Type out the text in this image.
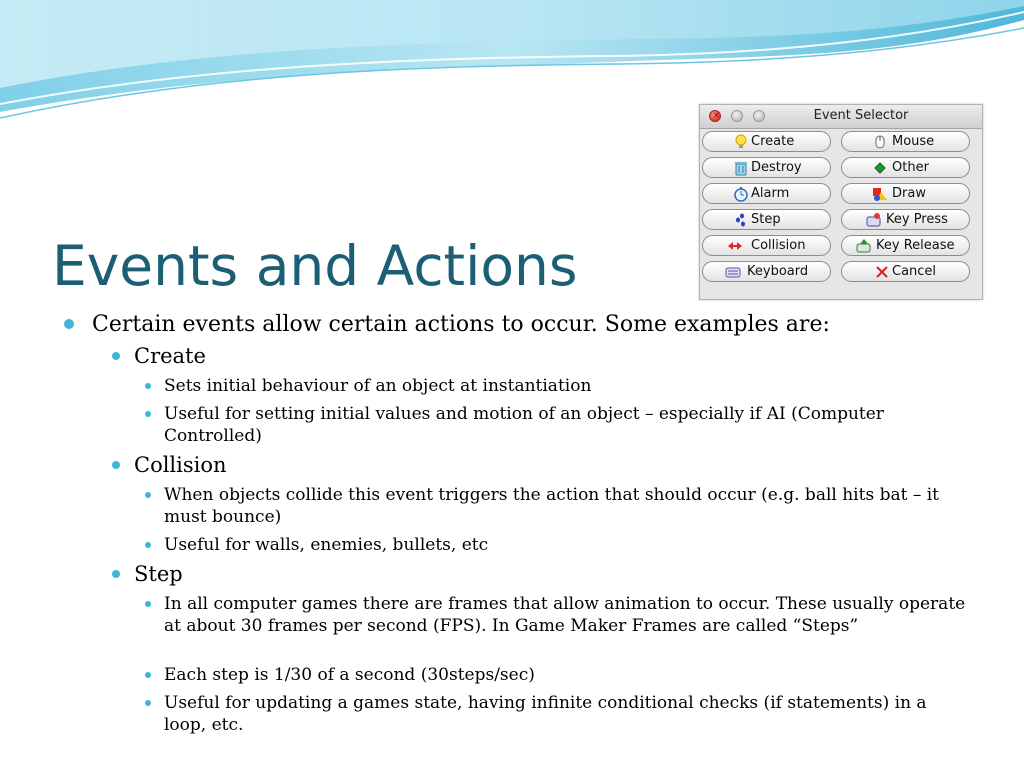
Events and Actions
✕	Event Selector
Create	Mouse
Destroy	Other
Alarm	Draw
Step	Key Press
Collision	Key Release
Keyboard	Cancel
Certain events allow certain actions to occur. Some examples are:
Create
Sets initial behaviour of an object at instantiation
Useful for setting initial values and motion of an object – especially if AI (Computer Controlled)
Collision
When objects collide this event triggers the action that should occur (e.g. ball hits bat – it must bounce)
Useful for walls, enemies, bullets, etc
Step
In all computer games there are frames that allow animation to occur. These usually operate at about 30 frames per second (FPS). In Game Maker Frames are called “Steps”
Each step is 1/30 of a second (30steps/sec)
Useful for updating a games state, having infinite conditional checks (if statements) in a loop, etc.
